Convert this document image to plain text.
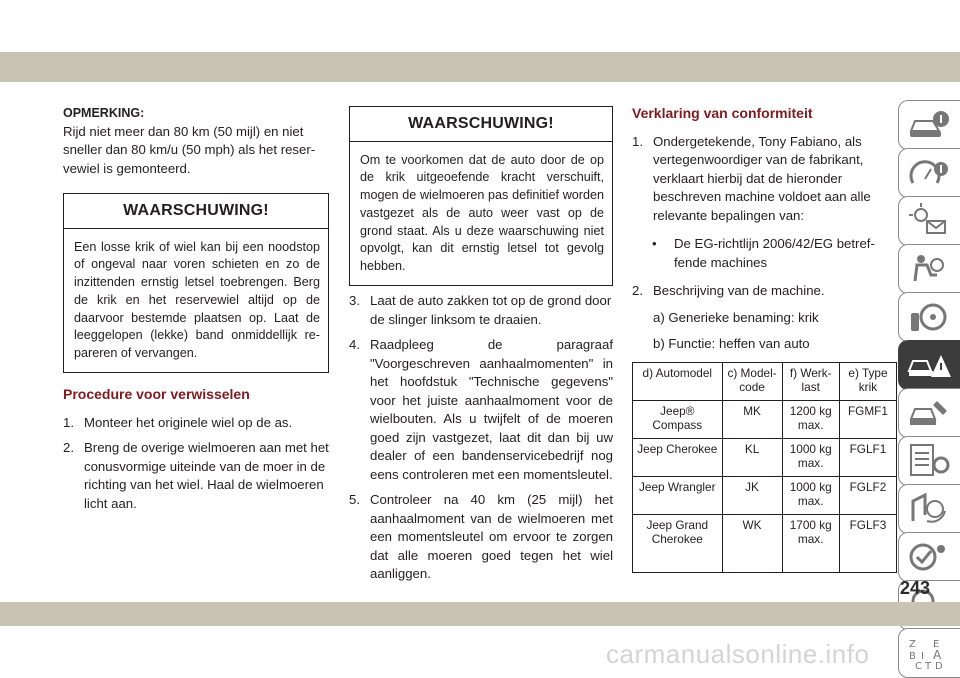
OPMERKING:

Rijd niet meer dan 80 km (50 mijl) en niet sneller dan 80 km/u (50 mph) als het reservewiel is gemonteerd.

WAARSCHUWING!
Een losse krik of wiel kan bij een noodstop of ongeval naar voren schieten en zo de inzittenden ernstig letsel toebrengen. Berg de krik en het reservewiel altijd op de daarvoor bestemde plaatsen op. Laat de leeggelopen (lekke) band onmiddellijk repareren of vervangen.
Procedure voor verwisselen
1. Monteer het originele wiel op de as.
2. Breng de overige wielmoeren aan met het conusvormige uiteinde van de moer in de richting van het wiel. Haal de wielmoeren licht aan.
WAARSCHUWING!
Om te voorkomen dat de auto door de op de krik uitgeoefende kracht verschuift, mogen de wielmoeren pas definitief worden vastgezet als de auto weer vast op de grond staat. Als u deze waarschuwing niet opvolgt, kan dit ernstig letsel tot gevolg hebben.
3. Laat de auto zakken tot op de grond door de slinger linksom te draaien.
4. Raadpleeg de paragraaf "Voorgeschreven aanhaalmomenten" in het hoofdstuk "Technische gegevens" voor het juiste aanhaalmoment voor de wielbouten. Als u twijfelt of de moeren goed zijn vastgezet, laat dit dan bij uw dealer of een bandenservicebedrijf nog eens controleren met een momentsleutel.
5. Controleer na 40 km (25 mijl) het aanhaalmoment van de wielmoeren met een momentsleutel om ervoor te zorgen dat alle moeren goed tegen het wiel aanliggen.
Verklaring van conformiteit
1. Ondergetekende, Tony Fabiano, als vertegenwoordiger van de fabrikant, verklaart hierbij dat de hieronder beschreven machine voldoet aan alle relevante bepalingen van:
• De EG-richtlijn 2006/42/EG betreffende machines
2. Beschrijving van de machine.
a) Generieke benaming: krik
b) Functie: heffen van auto
d) Automodel	c) Modelcode	f) Werklast	e) Type krik
Jeep® Compass	MK	1200 kg max.	FGMF1
Jeep Cherokee	KL	1000 kg max.	FGLF1
Jeep Wrangler	JK	1000 kg max.	FGLF2
Jeep Grand Cherokee	WK	1700 kg max.	FGLF3
Z E
B I A
C T D
243
carmanualsonline.info
